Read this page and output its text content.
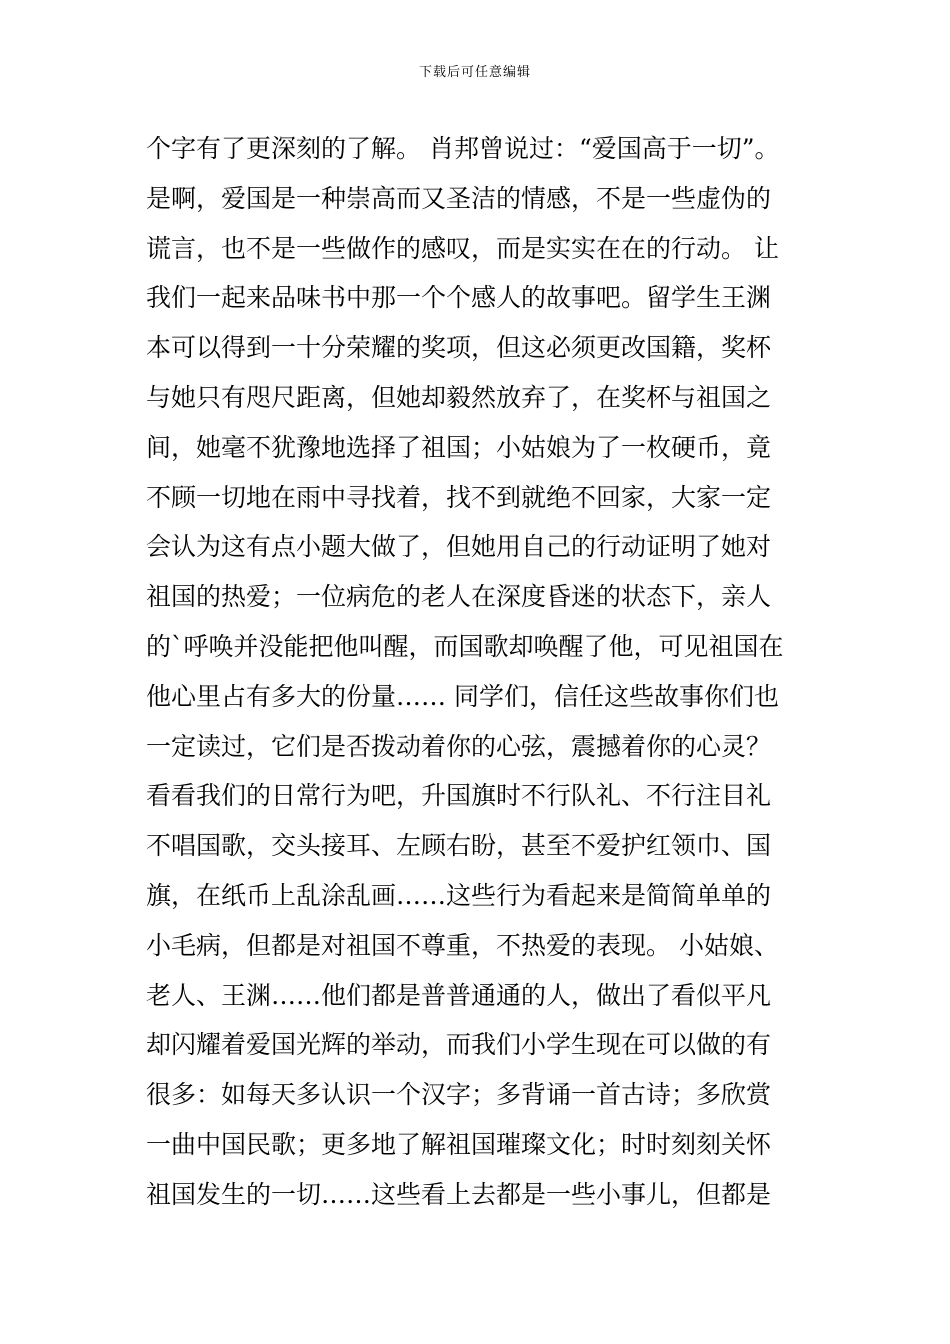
下载后可任意编辑
个字有了更深刻的了解。 肖邦曾说过：“爱国高于一切”。
是啊，爱国是一种崇高而又圣洁的情感，不是一些虚伪的
谎言，也不是一些做作的感叹，而是实实在在的行动。 让
我们一起来品味书中那一个个感人的故事吧。留学生王渊
本可以得到一十分荣耀的奖项，但这必须更改国籍，奖杯
与她只有咫尺距离，但她却毅然放弃了，在奖杯与祖国之
间，她毫不犹豫地选择了祖国；小姑娘为了一枚硬币，竟
不顾一切地在雨中寻找着，找不到就绝不回家，大家一定
会认为这有点小题大做了，但她用自己的行动证明了她对
祖国的热爱；一位病危的老人在深度昏迷的状态下，亲人
的`呼唤并没能把他叫醒，而国歌却唤醒了他，可见祖国在
他心里占有多大的份量…… 同学们，信任这些故事你们也
一定读过，它们是否拨动着你的心弦，震撼着你的心灵？
看看我们的日常行为吧，升国旗时不行队礼、不行注目礼
不唱国歌，交头接耳、左顾右盼，甚至不爱护红领巾、国
旗，在纸币上乱涂乱画……这些行为看起来是简简单单的
小毛病，但都是对祖国不尊重，不热爱的表现。 小姑娘、
老人、王渊……他们都是普普通通的人，做出了看似平凡
却闪耀着爱国光辉的举动，而我们小学生现在可以做的有
很多：如每天多认识一个汉字；多背诵一首古诗；多欣赏
一曲中国民歌；更多地了解祖国璀璨文化；时时刻刻关怀
祖国发生的一切……这些看上去都是一些小事儿，但都是
